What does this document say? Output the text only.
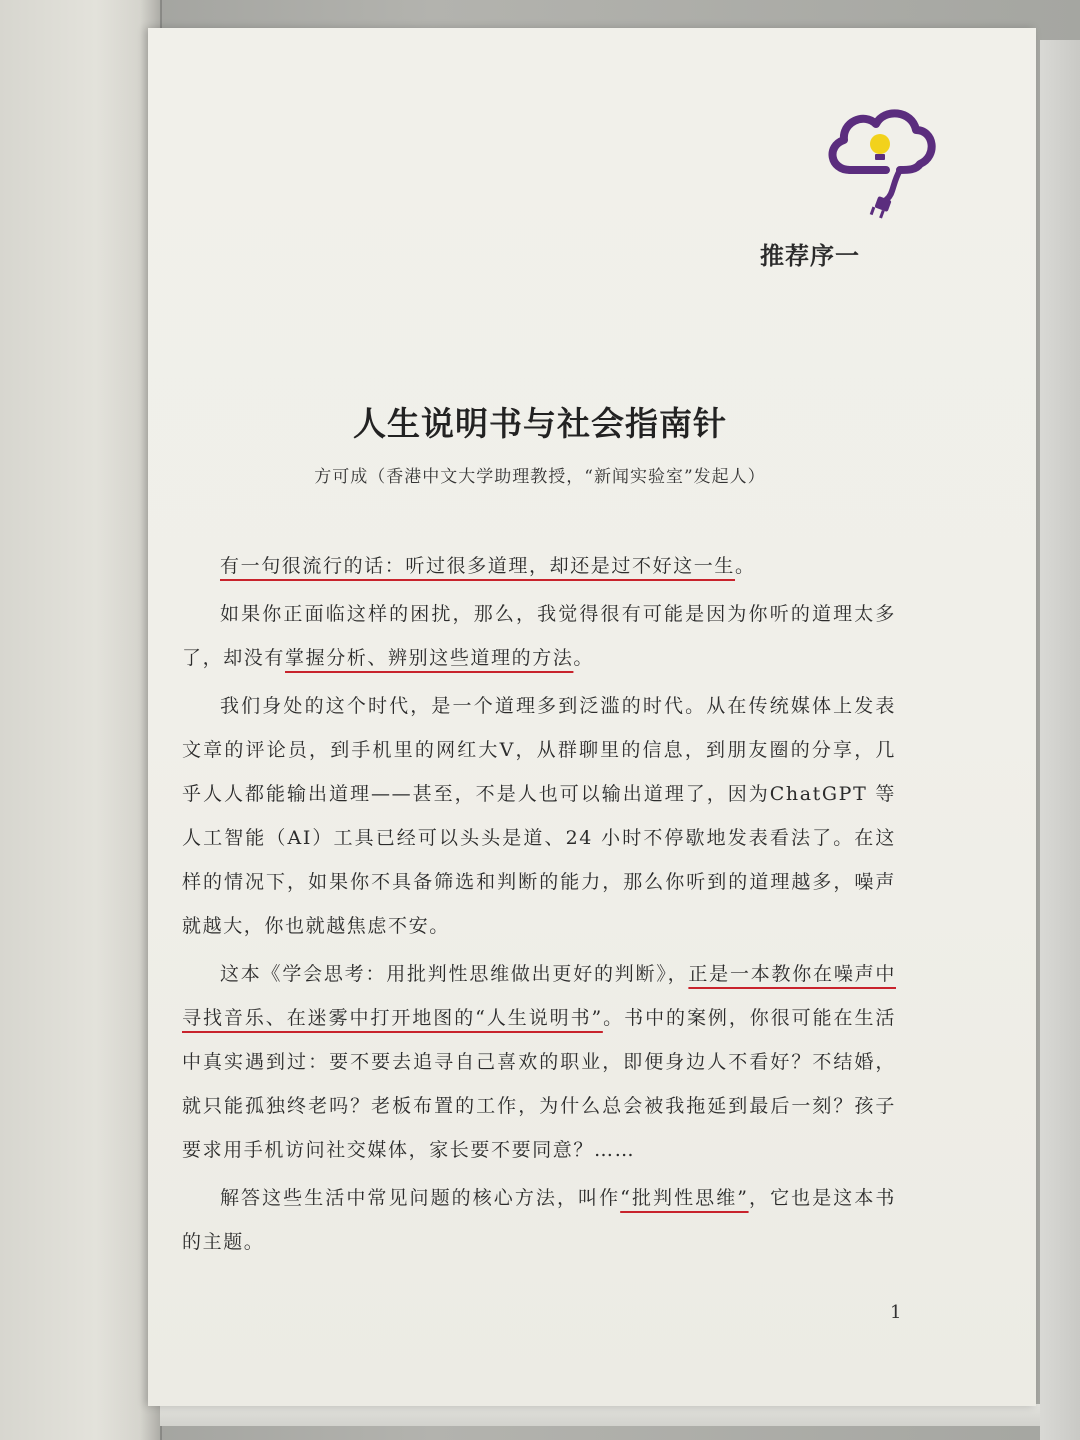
推荐序一
人生说明书与社会指南针
方可成（香港中文大学助理教授，“新闻实验室”发起人）

有一句很流行的话：听过很多道理，却还是过不好这一生。

如果你正面临这样的困扰，那么，我觉得很有可能是因为你听的道理太多了，却没有掌握分析、辨别这些道理的方法。

我们身处的这个时代，是一个道理多到泛滥的时代。从在传统媒体上发表文章的评论员，到手机里的网红大V，从群聊里的信息，到朋友圈的分享，几乎人人都能输出道理——甚至，不是人也可以输出道理了，因为ChatGPT 等人工智能（AI）工具已经可以头头是道、24 小时不停歇地发表看法了。在这样的情况下，如果你不具备筛选和判断的能力，那么你听到的道理越多，噪声就越大，你也就越焦虑不安。

这本《学会思考：用批判性思维做出更好的判断》，正是一本教你在噪声中寻找音乐、在迷雾中打开地图的“人生说明书”。书中的案例，你很可能在生活中真实遇到过：要不要去追寻自己喜欢的职业，即便身边人不看好？不结婚，就只能孤独终老吗？老板布置的工作，为什么总会被我拖延到最后一刻？孩子要求用手机访问社交媒体，家长要不要同意？……

解答这些生活中常见问题的核心方法，叫作“批判性思维”，它也是这本书的主题。

1
